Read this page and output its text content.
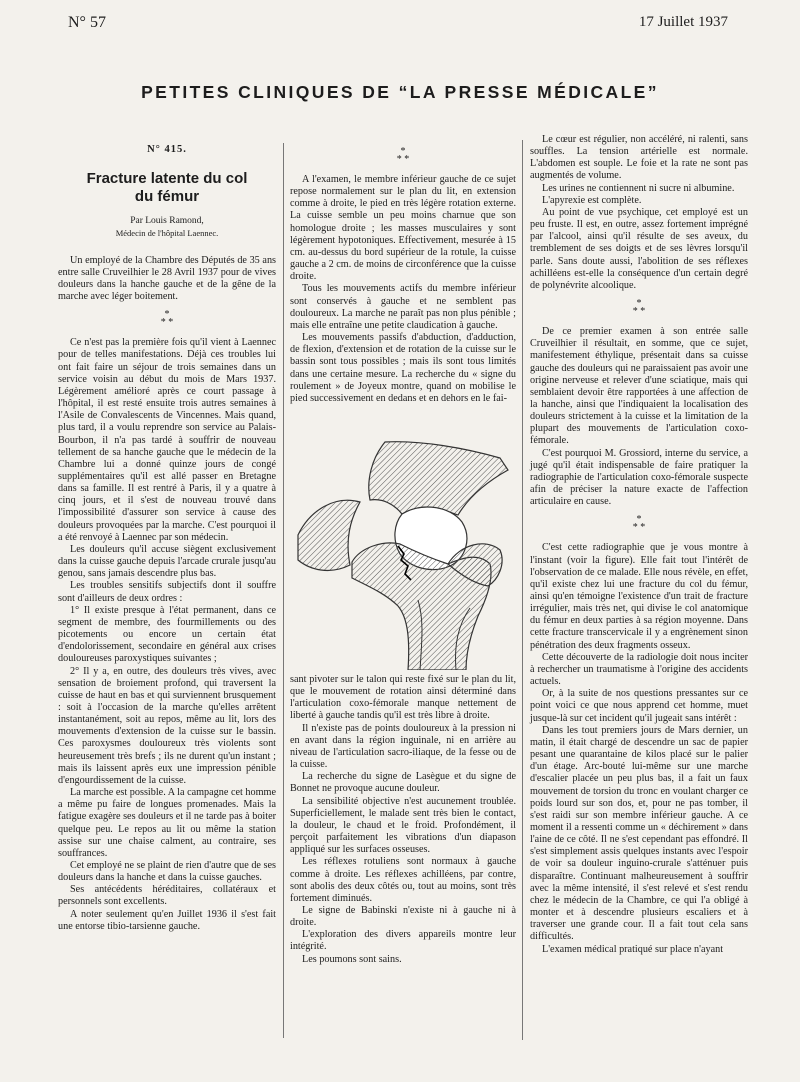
N° 57	17 Juillet 1937
PETITES CLINIQUES DE “LA PRESSE MÉDICALE”

N° 415.

Fracture latente du col
du fémur

Par Louis Ramond,

Médecin de l'hôpital Laennec.

Un employé de la Chambre des Députés de 35 ans entre salle Cruveilhier le 28 Avril 1937 pour de vives douleurs dans la hanche gauche et de la gêne de la marche avec léger boitement.

*
* *

Ce n'est pas la première fois qu'il vient à Laennec pour de telles manifestations. Déjà ces troubles lui ont fait faire un séjour de trois semaines dans un service voisin au début du mois de Mars 1937. Légèrement amélioré après ce court passage à l'hôpital, il est resté ensuite trois autres semaines à l'Asile de Convalescents de Vincennes. Mais quand, plus tard, il a voulu reprendre son service au Palais-Bourbon, il n'a pas tardé à souffrir de nouveau tellement de sa hanche gauche que le médecin de la Chambre lui a donné quinze jours de congé supplémentaires qu'il est allé passer en Bretagne dans sa famille. Il est rentré à Paris, il y a quatre à cinq jours, et il s'est de nouveau trouvé dans l'impossibilité d'assurer son service à cause des douleurs provoquées par la marche. C'est pourquoi il a été renvoyé à Laennec par son médecin.

Les douleurs qu'il accuse siègent exclusivement dans la cuisse gauche depuis l'arcade crurale jusqu'au genou, sans jamais descendre plus bas.

Les troubles sensitifs subjectifs dont il souffre sont d'ailleurs de deux ordres :

1° Il existe presque à l'état permanent, dans ce segment de membre, des fourmillements ou des picotements ou encore un certain état d'endolorissement, secondaire en général aux crises douloureuses paroxystiques suivantes ;

2° Il y a, en outre, des douleurs très vives, avec sensation de broiement profond, qui traversent la cuisse de haut en bas et qui surviennent brusquement : soit à l'occasion de la marche qu'elles arrêtent instantanément, soit au repos, même au lit, lors des mouvements d'extension de la cuisse sur le bassin. Ces paroxysmes douloureux très violents sont heureusement très brefs ; ils ne durent qu'un instant ; mais ils laissent après eux une impression pénible d'engourdissement de la cuisse.

La marche est possible. A la campagne cet homme a même pu faire de longues promenades. Mais la fatigue exagère ses douleurs et il ne tarde pas à boiter quelque peu. Le repos au lit ou même la station assise sur une chaise calment, au contraire, ses souffrances.

Cet employé ne se plaint de rien d'autre que de ses douleurs dans la hanche et dans la cuisse gauches.

Ses antécédents héréditaires, collatéraux et personnels sont excellents.

A noter seulement qu'en Juillet 1936 il s'est fait une entorse tibio-tarsienne gauche.

*
* *

A l'examen, le membre inférieur gauche de ce sujet repose normalement sur le plan du lit, en extension comme à droite, le pied en très légère rotation externe. La cuisse semble un peu moins charnue que son homologue droite ; les masses musculaires y sont légèrement hypotoniques. Effectivement, mesurée à 15 cm. au-dessus du bord supérieur de la rotule, la cuisse gauche a 2 cm. de moins de circonférence que la cuisse droite.

Tous les mouvements actifs du membre inférieur sont conservés à gauche et ne semblent pas douloureux. La marche ne paraît pas non plus pénible ; mais elle entraîne une petite claudication à gauche.

Les mouvements passifs d'abduction, d'adduction, de flexion, d'extension et de rotation de la cuisse sur le bassin sont tous possibles ; mais ils sont tous limités dans une certaine mesure. La recherche du « signe du roulement » de Joyeux montre, quand on mobilise le pied successivement en dedans et en dehors en le fai-

sant pivoter sur le talon qui reste fixé sur le plan du lit, que le mouvement de rotation ainsi déterminé dans l'articulation coxo-fémorale manque nettement de liberté à gauche tandis qu'il est très libre à droite.

Il n'existe pas de points douloureux à la pression ni en avant dans la région inguinale, ni en arrière au niveau de l'articulation sacro-iliaque, de la fesse ou de la cuisse.

La recherche du signe de Lasègue et du signe de Bonnet ne provoque aucune douleur.

La sensibilité objective n'est aucunement troublée. Superficiellement, le malade sent très bien le contact, la douleur, le chaud et le froid. Profondément, il perçoit parfaitement les vibrations d'un diapason appliqué sur les surfaces osseuses.

Les réflexes rotuliens sont normaux à gauche comme à droite. Les réflexes achilléens, par contre, sont abolis des deux côtés ou, tout au moins, sont très fortement diminués.

Le signe de Babinski n'existe ni à gauche ni à droite.

L'exploration des divers appareils montre leur intégrité.

Les poumons sont sains.

Le cœur est régulier, non accéléré, ni ralenti, sans souffles. La tension artérielle est normale. L'abdomen est souple. Le foie et la rate ne sont pas augmentés de volume.

Les urines ne contiennent ni sucre ni albumine.

L'apyrexie est complète.

Au point de vue psychique, cet employé est un peu fruste. Il est, en outre, assez fortement imprégné par l'alcool, ainsi qu'il résulte de ses aveux, du tremblement de ses doigts et de ses lèvres lorsqu'il parle. Sans doute aussi, l'abolition de ses réflexes achilléens est-elle la conséquence d'un certain degré de polynévrite alcoolique.

*
* *

De ce premier examen à son entrée salle Cruveilhier il résultait, en somme, que ce sujet, manifestement éthylique, présentait dans sa cuisse gauche des douleurs qui ne paraissaient pas avoir une origine nerveuse et relever d'une sciatique, mais qui semblaient devoir être rapportées à une affection de la hanche, ainsi que l'indiquaient la localisation des douleurs strictement à la cuisse et la limitation de la plupart des mouvements de l'articulation coxo-fémorale.

C'est pourquoi M. Grossiord, interne du service, a jugé qu'il était indispensable de faire pratiquer la radiographie de l'articulation coxo-fémorale suspecte afin de préciser la nature exacte de l'affection articulaire en cause.

*
* *

C'est cette radiographie que je vous montre à l'instant (voir la figure). Elle fait tout l'intérêt de l'observation de ce malade. Elle nous révèle, en effet, qu'il existe chez lui une fracture du col du fémur, ainsi qu'en témoigne l'existence d'un trait de fracture irrégulier, mais très net, qui divise le col anatomique du fémur en deux parties à sa région moyenne. Dans cette fracture transcervicale il y a engrènement sinon pénétration des deux fragments osseux.

Cette découverte de la radiologie doit nous inciter à rechercher un traumatisme à l'origine des accidents actuels.

Or, à la suite de nos questions pressantes sur ce point voici ce que nous apprend cet homme, muet jusque-là sur cet incident qu'il jugeait sans intérêt :

Dans les tout premiers jours de Mars dernier, un matin, il était chargé de descendre un sac de papier pesant une quarantaine de kilos placé sur le palier d'un étage. Arc-bouté lui-même sur une marche d'escalier placée un peu plus bas, il a fait un faux mouvement de torsion du tronc en voulant charger ce poids lourd sur son dos, et, pour ne pas tomber, il s'est raidi sur son membre inférieur gauche. A ce moment il a ressenti comme un « déchirement » dans l'aine de ce côté. Il ne s'est cependant pas effondré. Il s'est simplement assis quelques instants avec l'espoir de voir sa douleur inguino-crurale s'atténuer puis disparaître. Continuant malheureusement à souffrir avec la même intensité, il s'est relevé et s'est rendu chez le médecin de la Chambre, ce qui l'a obligé à monter et à descendre plusieurs escaliers et à traverser une grande cour. Il a fait tout cela sans difficultés.

L'examen médical pratiqué sur place n'ayant
